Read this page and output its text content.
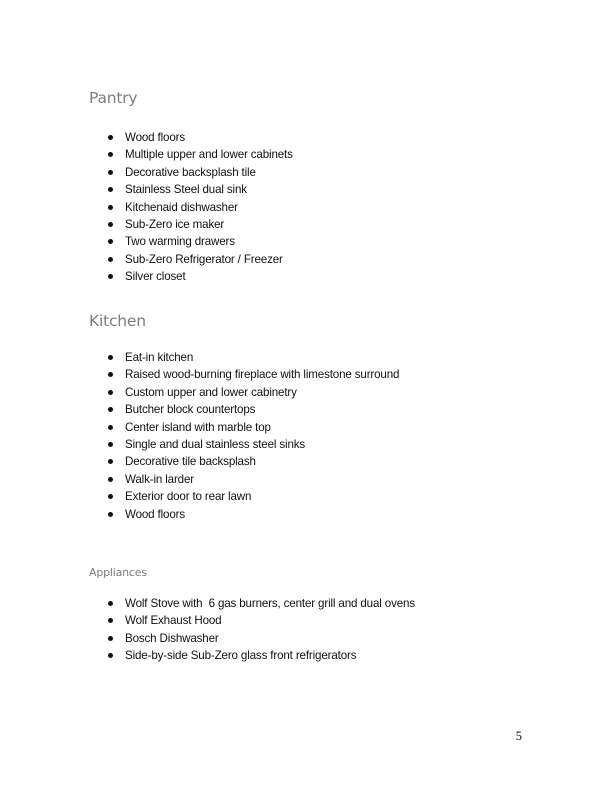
Pantry
Wood floors
Multiple upper and lower cabinets
Decorative backsplash tile
Stainless Steel dual sink
Kitchenaid dishwasher
Sub-Zero ice maker
Two warming drawers
Sub-Zero Refrigerator / Freezer
Silver closet
Kitchen
Eat-in kitchen
Raised wood-burning fireplace with limestone surround
Custom upper and lower cabinetry
Butcher block countertops
Center island with marble top
Single and dual stainless steel sinks
Decorative tile backsplash
Walk-in larder
Exterior door to rear lawn
Wood floors
Appliances
Wolf Stove with  6 gas burners, center grill and dual ovens
Wolf Exhaust Hood
Bosch Dishwasher
Side-by-side Sub-Zero glass front refrigerators
5
